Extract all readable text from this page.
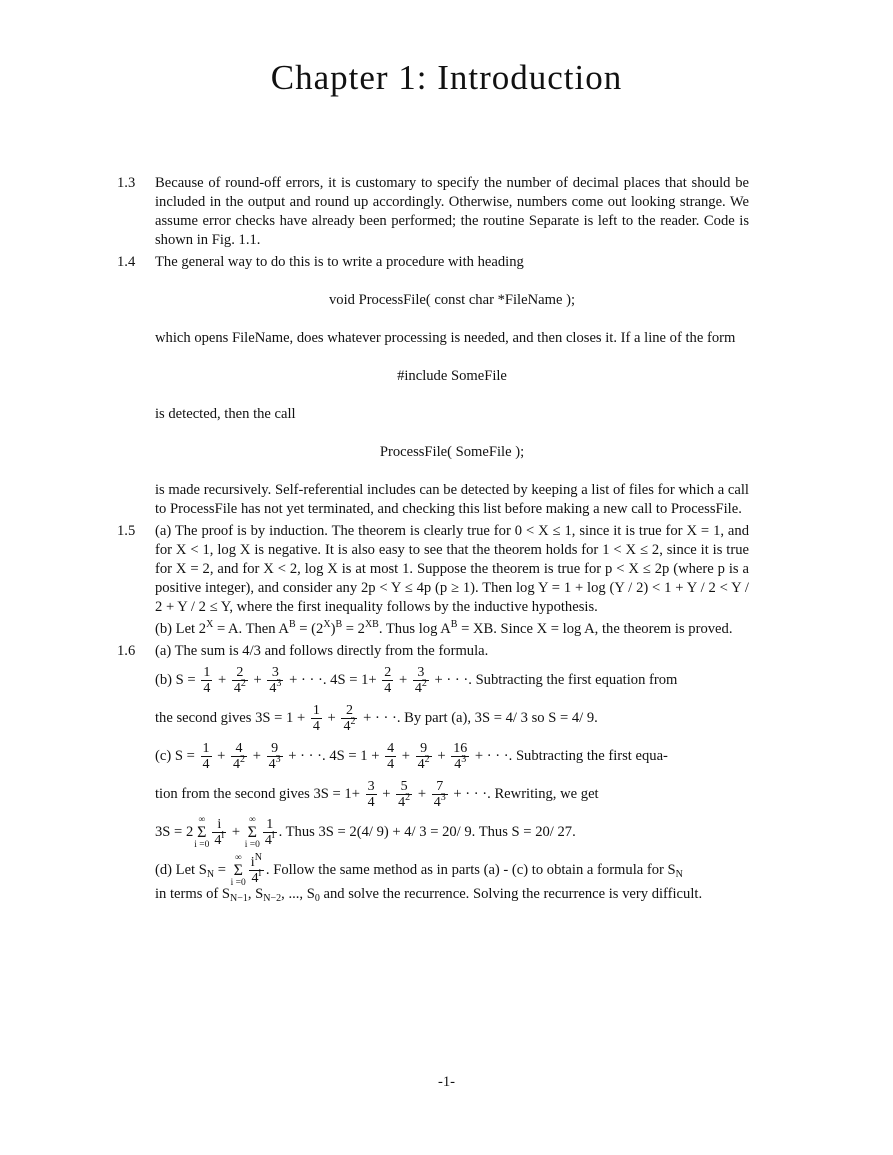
Chapter 1: Introduction
1.3 Because of round-off errors, it is customary to specify the number of decimal places that should be included in the output and round up accordingly. Otherwise, numbers come out looking strange. We assume error checks have already been performed; the routine Separate is left to the reader. Code is shown in Fig. 1.1.

1.4 The general way to do this is to write a procedure with heading

void ProcessFile( const char *FileName );

which opens FileName, does whatever processing is needed, and then closes it. If a line of the form

#include SomeFile

is detected, then the call

ProcessFile( SomeFile );

is made recursively. Self-referential includes can be detected by keeping a list of files for which a call to ProcessFile has not yet terminated, and checking this list before making a new call to ProcessFile.

1.5 (a) The proof is by induction. The theorem is clearly true for 0 < X ≤ 1, since it is true for X = 1, and for X < 1, log X is negative. It is also easy to see that the theorem holds for 1 < X ≤ 2, since it is true for X = 2, and for X < 2, log X is at most 1. Suppose the theorem is true for p < X ≤ 2p (where p is a positive integer), and consider any 2p < Y ≤ 4p (p ≥ 1). Then log Y = 1 + log (Y / 2) < 1 + Y / 2 < Y / 2 + Y / 2 ≤ Y, where the first inequality follows by the inductive hypothesis.

(b) Let $2^X = A$. Then $A^B = (2^X)^B = 2^{XB}$. Thus $\log A^B$ = XB. Since X = log A, the theorem is proved.

1.6 (a) The sum is 4/3 and follows directly from the formula.

(b) $S = \frac{1}{4} + \frac{2}{4^2} + \frac{3}{4^3}$ + · · ·. $4S = 1+ \frac{2}{4} + \frac{3}{4^2}$ + · · ·. Subtracting the first equation from

the second gives $3S = 1 + \frac{1}{4} + \frac{2}{4^2}$ + · · ·. By part (a), 3S = 4/ 3 so S = 4/ 9.

(c) $S = \frac{1}{4} + \frac{4}{4^2} + \frac{9}{4^3}$ + · · ·. $4S = 1 + \frac{4}{4} + \frac{9}{4^2} + \frac{16}{4^3}$ + · · ·. Subtracting the first equa-

tion from the second gives $3S = 1+ \frac{3}{4} + \frac{5}{4^2} + \frac{7}{4^3}$ + · · ·. Rewriting, we get

3S = 2∞
Σ
$i =0 \frac{i}{4^i}$ + ∞
Σ
$i =0 \frac{1}{4^i}$ . Thus 3S = 2(4/ 9) + 4/ 3 = 20/ 9. Thus S = 20/ 27.

(d) Let $S_N$ = ∞
Σ
$i =0 \frac{i^N}{4^i}$ . Follow the same method as in parts (a) - (c) to obtain a formula for $S_N$

in terms of $S_{N-1}$, $S_{N-2}$, ..., $S_0$ and solve the recurrence. Solving the recurrence is very difficult.

-1-
